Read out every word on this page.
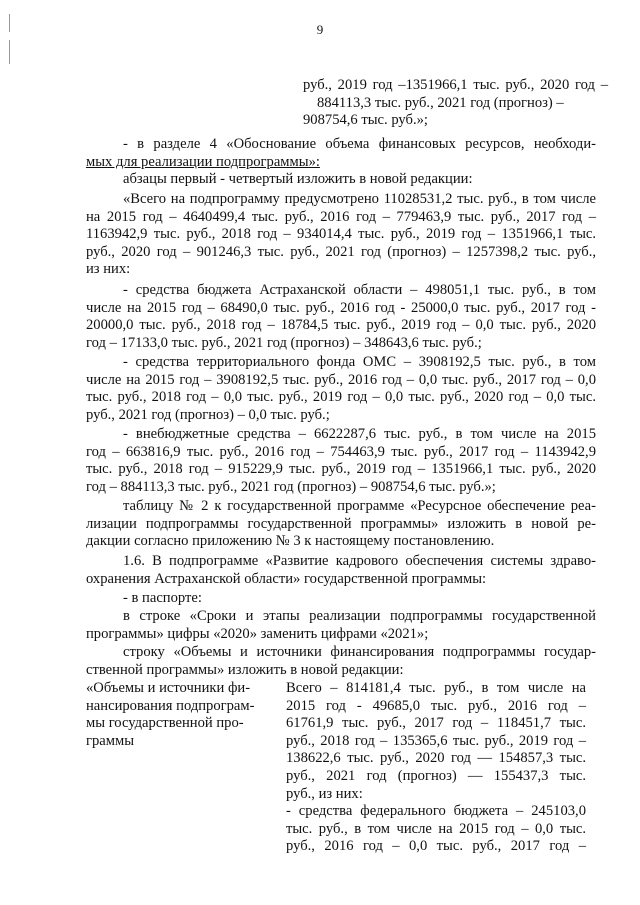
9
руб., 2019 год –1351966,1 тыс. руб., 2020 год –
884113,3 тыс. руб., 2021 год (прогноз) –
908754,6 тыс. руб.»;
- в разделе 4 «Обоснование объема финансовых ресурсов, необходи-
мых для реализации подпрограммы»:
абзацы первый - четвертый изложить в новой редакции:
«Всего на подпрограмму предусмотрено 11028531,2 тыс. руб., в том числе
на 2015 год – 4640499,4 тыс. руб., 2016 год – 779463,9 тыс. руб., 2017 год –
1163942,9 тыс. руб., 2018 год – 934014,4 тыс. руб., 2019 год – 1351966,1 тыс.
руб., 2020 год – 901246,3 тыс. руб., 2021 год (прогноз) – 1257398,2 тыс. руб.,
из них:
- средства бюджета Астраханской области – 498051,1 тыс. руб., в том
числе на 2015 год – 68490,0 тыс. руб., 2016 год - 25000,0 тыс. руб., 2017 год -
20000,0 тыс. руб., 2018 год – 18784,5 тыс. руб., 2019 год – 0,0 тыс. руб., 2020
год – 17133,0 тыс. руб., 2021 год (прогноз) – 348643,6 тыс. руб.;
- средства территориального фонда ОМС – 3908192,5 тыс. руб., в том
числе на 2015 год – 3908192,5 тыс. руб., 2016 год – 0,0 тыс. руб., 2017 год – 0,0
тыс. руб., 2018 год – 0,0 тыс. руб., 2019 год – 0,0 тыс. руб., 2020 год – 0,0 тыс.
руб., 2021 год (прогноз) – 0,0 тыс. руб.;
- внебюджетные средства – 6622287,6 тыс. руб., в том числе на 2015
год – 663816,9 тыс. руб., 2016 год – 754463,9 тыс. руб., 2017 год – 1143942,9
тыс. руб., 2018 год – 915229,9 тыс. руб., 2019 год – 1351966,1 тыс. руб., 2020
год – 884113,3 тыс. руб., 2021 год (прогноз) – 908754,6 тыс. руб.»;
таблицу № 2 к государственной программе «Ресурсное обеспечение реа-
лизации подпрограммы государственной программы» изложить в новой ре-
дакции согласно приложению № 3 к настоящему постановлению.
1.6. В подпрограмме «Развитие кадрового обеспечения системы здраво-
охранения Астраханской области» государственной программы:
- в паспорте:
в строке «Сроки и этапы реализации подпрограммы государственной
программы» цифры «2020» заменить цифрами «2021»;
строку «Объемы и источники финансирования подпрограммы государ-
ственной программы» изложить в новой редакции:
«Объемы и источники фи-
нансирования подпрограм-
мы государственной про-
граммы
Всего – 814181,4 тыс. руб., в том числе на
2015 год - 49685,0 тыс. руб., 2016 год –
61761,9 тыс. руб., 2017 год – 118451,7 тыс.
руб., 2018 год – 135365,6 тыс. руб., 2019 год –
138622,6 тыс. руб., 2020 год –– 154857,3 тыс.
руб., 2021 год (прогноз) –– 155437,3 тыс.
руб., из них:
- средства федерального бюджета – 245103,0
тыс. руб., в том числе на 2015 год – 0,0 тыс.
руб., 2016 год – 0,0 тыс. руб., 2017 год –
